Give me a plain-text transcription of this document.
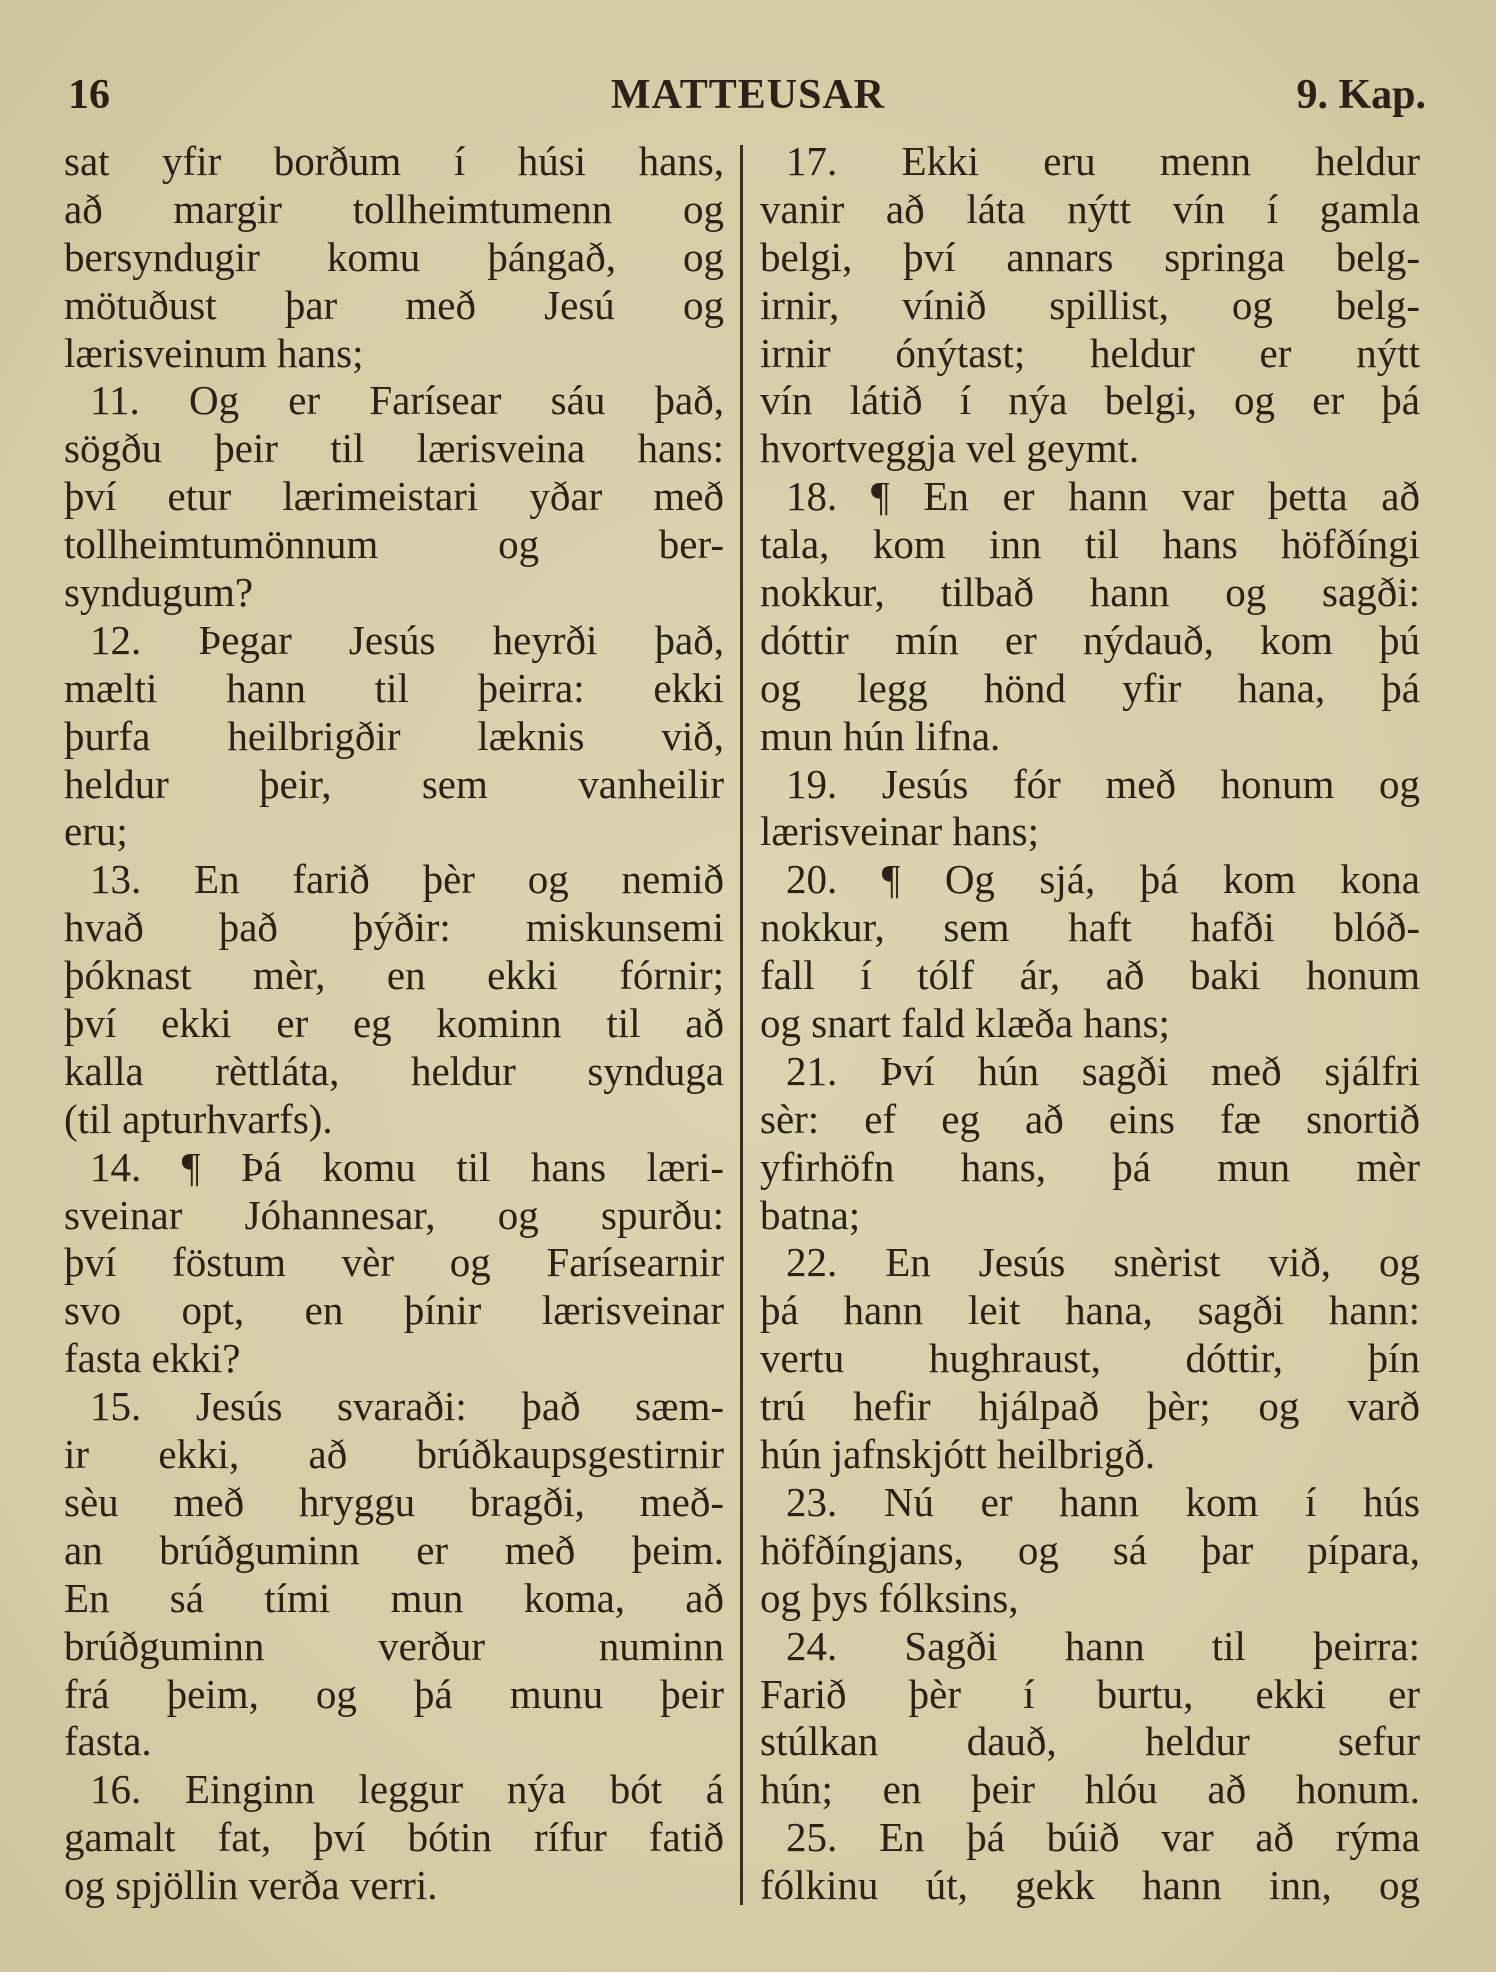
16	MATTEUSAR	9. Kap.
sat yfir borðum í húsi hans,
að margir tollheimtumenn og
bersyndugir komu þángað, og
mötuðust þar með Jesú og
lærisveinum hans;
11. Og er Farísear sáu það,
sögðu þeir til lærisveina hans:
því etur lærimeistari yðar með
tollheimtumönnum og ber-
syndugum?
12. Þegar Jesús heyrði það,
mælti hann til þeirra: ekki
þurfa heilbrigðir læknis við,
heldur þeir, sem vanheilir
eru;
13. En farið þèr og nemið
hvað það þýðir: miskunsemi
þóknast mèr, en ekki fórnir;
því ekki er eg kominn til að
kalla rèttláta, heldur synduga
(til apturhvarfs).
14. ¶ Þá komu til hans læri-
sveinar Jóhannesar, og spurðu:
því föstum vèr og Farísearnir
svo opt, en þínir lærisveinar
fasta ekki?
15. Jesús svaraði: það sæm-
ir ekki, að brúðkaupsgestirnir
sèu með hryggu bragði, með-
an brúðguminn er með þeim.
En sá tími mun koma, að
brúðguminn verður numinn
frá þeim, og þá munu þeir
fasta.
16. Einginn leggur nýa bót á
gamalt fat, því bótin rífur fatið
og spjöllin verða verri.
17. Ekki eru menn heldur
vanir að láta nýtt vín í gamla
belgi, því annars springa belg-
irnir, vínið spillist, og belg-
irnir ónýtast; heldur er nýtt
vín látið í nýa belgi, og er þá
hvortveggja vel geymt.
18. ¶ En er hann var þetta að
tala, kom inn til hans höfðíngi
nokkur, tilbað hann og sagði:
dóttir mín er nýdauð, kom þú
og legg hönd yfir hana, þá
mun hún lifna.
19. Jesús fór með honum og
lærisveinar hans;
20. ¶ Og sjá, þá kom kona
nokkur, sem haft hafði blóð-
fall í tólf ár, að baki honum
og snart fald klæða hans;
21. Því hún sagði með sjálfri
sèr: ef eg að eins fæ snortið
yfirhöfn hans, þá mun mèr
batna;
22. En Jesús snèrist við, og
þá hann leit hana, sagði hann:
vertu hughraust, dóttir, þín
trú hefir hjálpað þèr; og varð
hún jafnskjótt heilbrigð.
23. Nú er hann kom í hús
höfðíngjans, og sá þar pípara,
og þys fólksins,
24. Sagði hann til þeirra:
Farið þèr í burtu, ekki er
stúlkan dauð, heldur sefur
hún; en þeir hlóu að honum.
25. En þá búið var að rýma
fólkinu út, gekk hann inn, og
